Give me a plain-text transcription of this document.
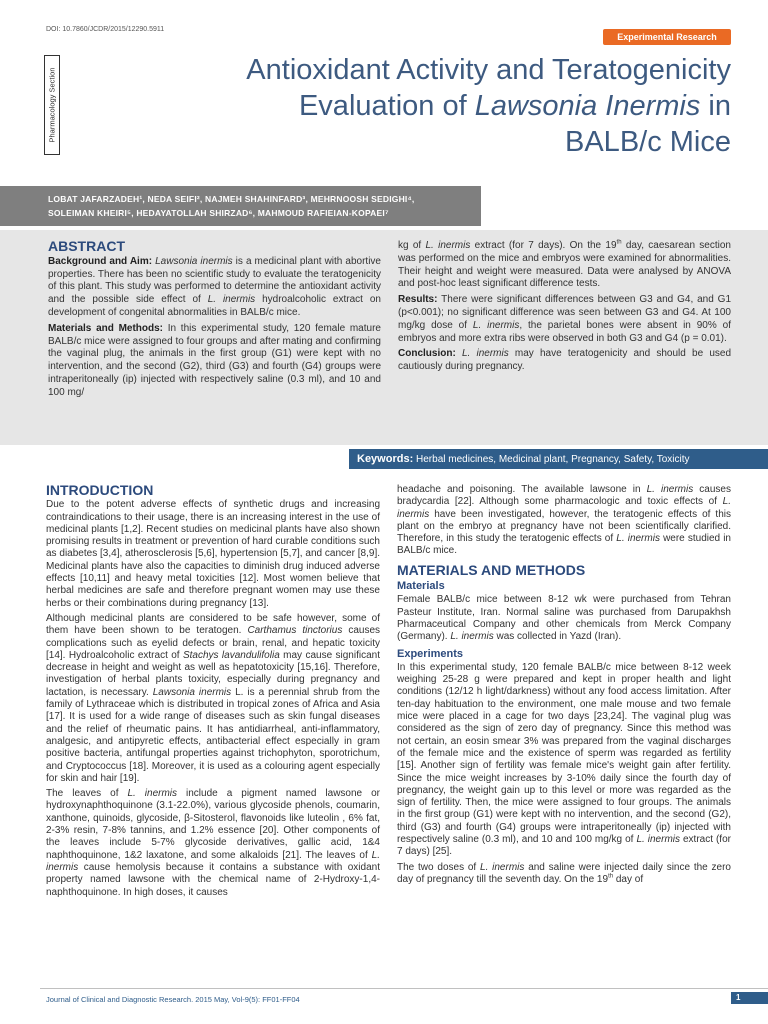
DOI: 10.7860/JCDR/2015/12290.5911
Experimental Research
Pharmacology Section	Antioxidant Activity and Teratogenicity
Evaluation of Lawsonia Inermis in
BALB/c Mice
LOBAT JAFARZADEH¹, NEDA SEIFI², NAJMEH SHAHINFARD³, MEHRNOOSH SEDIGHI⁴,
SOLEIMAN KHEIRI⁵, HEDAYATOLLAH SHIRZAD⁶, MAHMOUD RAFIEIAN-KOPAEI⁷
ABSTRACT

Background and Aim: Lawsonia inermis is a medicinal plant with abortive properties. There has been no scientific study to evaluate the teratogenicity of this plant. This study was performed to determine the antioxidant activity and the possible side effect of L. inermis hydroalcoholic extract on development of congenital abnormalities in BALB/c mice.

Materials and Methods: In this experimental study, 120 female mature BALB/c mice were assigned to four groups and after mating and confirming the vaginal plug, the animals in the first group (G1) were kept with no intervention, and the second (G2), third (G3) and fourth (G4) groups were intraperitoneally (ip) injected with respectively saline (0.3 ml), and 10 and 100 mg/

kg of L. inermis extract (for 7 days). On the 19th day, caesarean section was performed on the mice and embryos were examined for abnormalities. Their height and weight were measured. Data were analysed by ANOVA and post-hoc least significant difference tests.

Results: There were significant differences between G3 and G4, and G1 (p<0.001); no significant difference was seen between G3 and G4. At 100 mg/kg dose of L. inermis, the parietal bones were absent in 90% of embryos and more extra ribs were observed in both G3 and G4 (p = 0.01).

Conclusion: L. inermis may have teratogenicity and should be used cautiously during pregnancy.

Keywords: Herbal medicines, Medicinal plant, Pregnancy, Safety, Toxicity
INTRODUCTION

Due to the potent adverse effects of synthetic drugs and increasing contraindications to their usage, there is an increasing interest in the use of medicinal plants [1,2]. Recent studies on medicinal plants have also shown promising results in treatment or prevention of hard curable conditions such as diabetes [3,4], atherosclerosis [5,6], hypertension [5,7], and cancer [8,9]. Medicinal plants have also the capacities to diminish drug induced adverse effects [10,11] and heavy metal toxicities [12]. Most women believe that herbal medicines are safe and therefore pregnant women may use these herbs or their combinations during pregnancy [13].

Although medicinal plants are considered to be safe however, some of them have been shown to be teratogen. Carthamus tinctorius causes complications such as eyelid defects or brain, renal, and hepatic toxicity [14]. Hydroalcoholic extract of Stachys lavandulifolia may cause significant decrease in height and weight as well as hepatotoxicity [15,16]. Therefore, investigation of herbal plants toxicity, especially during pregnancy and lactation, is necessary. Lawsonia inermis L. is a perennial shrub from the family of Lythraceae which is distributed in tropical zones of Africa and Asia [17]. It is used for a wide range of diseases such as skin fungal diseases and the relief of rheumatic pains. It has antidiarrheal, anti-inflammatory, analgesic, and antipyretic effects, antibacterial effect especially in gram positive bacteria, antifungal properties against trichophyton, sporotrichum, and Cryptococcus [18]. Moreover, it is used as a colouring agent especially for skin and hair [19].

The leaves of L. inermis include a pigment named lawsone or hydroxynaphthoquinone (3.1-22.0%), various glycoside phenols, coumarin, xanthone, quinoids, glycoside, β-Sitosterol, flavonoids like luteolin , 6% fat, 2-3% resin, 7-8% tannins, and 1.2% essence [20]. Other components of the leaves include 5-7% glycoside derivatives, gallic acid, 1&4 naphthoquinone, 1&2 laxatone, and some alkaloids [21]. The leaves of L. inermis cause hemolysis because it contains a substance with oxidant property named lawsone with the chemical name of 2-Hydroxy-1,4-naphthoquinone. In high doses, it causes

headache and poisoning. The available lawsone in L. inermis causes bradycardia [22]. Although some pharmacologic and toxic effects of L. inermis have been investigated, however, the teratogenic effects of this plant on the embryo at pregnancy have not been scientifically clarified. Therefore, in this study the teratogenic effects of L. inermis were studied in BALB/c mice.

MATERIALS AND METHODS
Materials

Female BALB/c mice between 8-12 wk were purchased from Tehran Pasteur Institute, Iran. Normal saline was purchased from Darupakhsh Pharmaceutical Company and other chemicals from Merck Company (Germany). L. inermis was collected in Yazd (Iran).

Experiments

In this experimental study, 120 female BALB/c mice between 8-12 week weighing 25-28 g were prepared and kept in proper health and light conditions (12/12 h light/darkness) without any food access limitation. After ten-day habituation to the environment, one male mouse and two female mice were placed in a cage for two days [23,24]. The vaginal plug was considered as the sign of zero day of pregnancy. Since this method was not certain, an eosin smear 3% was prepared from the vaginal discharges of the female mice and the existence of sperm was regarded as fertility [15]. Another sign of fertility was female mice's weight gain after fertility. Since the mice weight increases by 3-10% daily since the fourth day of pregnancy, the weight gain up to this level or more was regarded as the sign of fertility. Then, the mice were assigned to four groups. The animals in the first group (G1) were kept with no intervention, and the second (G2), third (G3) and fourth (G4) groups were intraperitoneally (ip) injected with respectively saline (0.3 ml), and 10 and 100 mg/kg of L. inermis extract (for 7 days) [25].

The two doses of L. inermis and saline were injected daily since the zero day of pregnancy till the seventh day. On the 19th day of

Journal of Clinical and Diagnostic Research. 2015 May, Vol-9(5): FF01-FF04	1
